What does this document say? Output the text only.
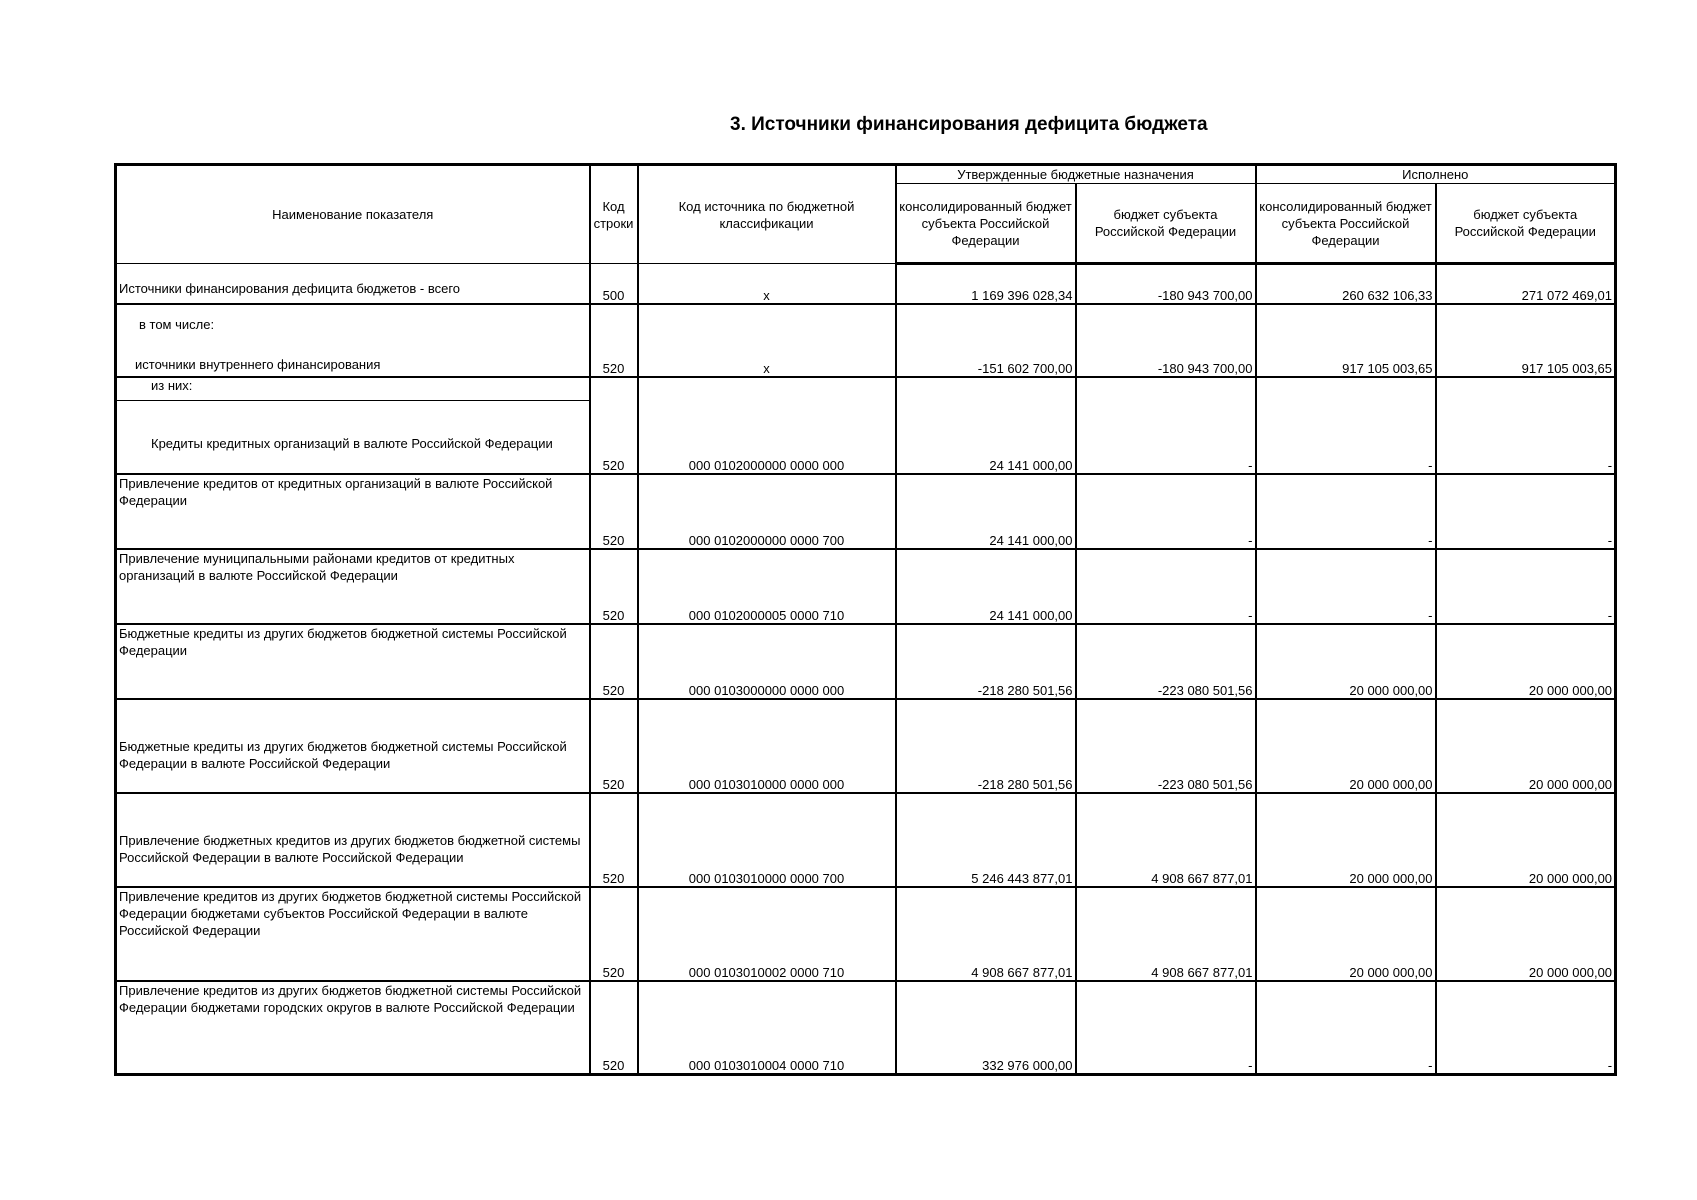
3. Источники финансирования дефицита бюджета
Наименование показателя	Код строки	Код источника по бюджетной классификации	Утвержденные бюджетные назначения		Исполнено	
			консолидированный бюджет субъекта Российской Федерации	бюджет субъекта Российской Федерации	консолидированный бюджет субъекта Российской Федерации	бюджет субъекта Российской Федерации

Источники финансирования дефицита бюджетов - всего	500	x	1 169 396 028,34	-180 943 700,00	260 632 106,33	271 072 469,01

в том числе:
источники внутреннего финансирования	520	x	-151 602 700,00	-180 943 700,00	917 105 003,65	917 105 003,65

из них:
Кредиты кредитных организаций в валюте Российской Федерации	520	000 0102000000 0000 000	24 141 000,00	-	-	-

Привлечение кредитов от кредитных организаций в валюте Российской Федерации	520	000 0102000000 0000 700	24 141 000,00	-	-	-

Привлечение муниципальными районами кредитов от кредитных организаций в валюте Российской Федерации	520	000 0102000005 0000 710	24 141 000,00	-	-	-

Бюджетные кредиты из других бюджетов бюджетной системы Российской Федерации	520	000 0103000000 0000 000	-218 280 501,56	-223 080 501,56	20 000 000,00	20 000 000,00

Бюджетные кредиты из других бюджетов бюджетной системы Российской Федерации в валюте Российской Федерации	520	000 0103010000 0000 000	-218 280 501,56	-223 080 501,56	20 000 000,00	20 000 000,00

Привлечение бюджетных кредитов из других бюджетов бюджетной системы Российской Федерации в валюте Российской Федерации	520	000 0103010000 0000 700	5 246 443 877,01	4 908 667 877,01	20 000 000,00	20 000 000,00

Привлечение кредитов из других бюджетов бюджетной системы Российской Федерации бюджетами субъектов Российской Федерации в валюте Российской Федерации	520	000 0103010002 0000 710	4 908 667 877,01	4 908 667 877,01	20 000 000,00	20 000 000,00

Привлечение кредитов из других бюджетов бюджетной системы Российской Федерации бюджетами городских округов в валюте Российской Федерации	520	000 0103010004 0000 710	332 976 000,00	-	-	-
